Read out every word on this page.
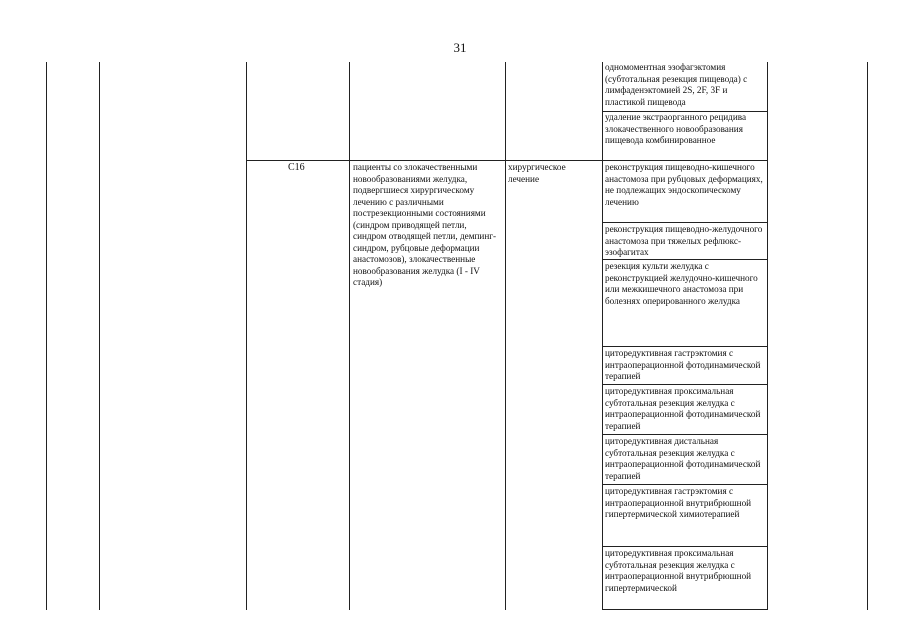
31
одномоментная эзофагэктомия (субтотальная резекция пищевода) с лимфаденэктомией 2S, 2F, 3F и пластикой пищевода
удаление экстраорганного рецидива злокачественного новообразования пищевода комбинированное
C16	пациенты со злокачественными новообразованиями желудка, подвергшиеся хирургическому лечению с различными пострезекционными состояниями (синдром приводящей петли, синдром отводящей петли, демпинг-синдром, рубцовые деформации анастомозов), злокачественные новообразования желудка (I - IV стадия)
хирургическое лечение
реконструкция пищеводно-кишечного анастомоза при рубцовых деформациях, не подлежащих эндоскопическому лечению
реконструкция пищеводно-желудочного анастомоза при тяжелых рефлюкс-эзофагитах
резекция культи желудка с реконструкцией желудочно-кишечного или межкишечного анастомоза при болезнях оперированного желудка
циторедуктивная гастрэктомия с интраоперационной фотодинамической терапией
циторедуктивная проксимальная субтотальная резекция желудка с интраоперационной фотодинамической терапией
циторедуктивная дистальная субтотальная резекция желудка с интраоперационной фотодинамической терапией
циторедуктивная гастрэктомия с интраоперационной внутрибрюшной гипертермической химиотерапией
циторедуктивная проксимальная субтотальная резекция желудка с интраоперационной внутрибрюшной гипертермической
